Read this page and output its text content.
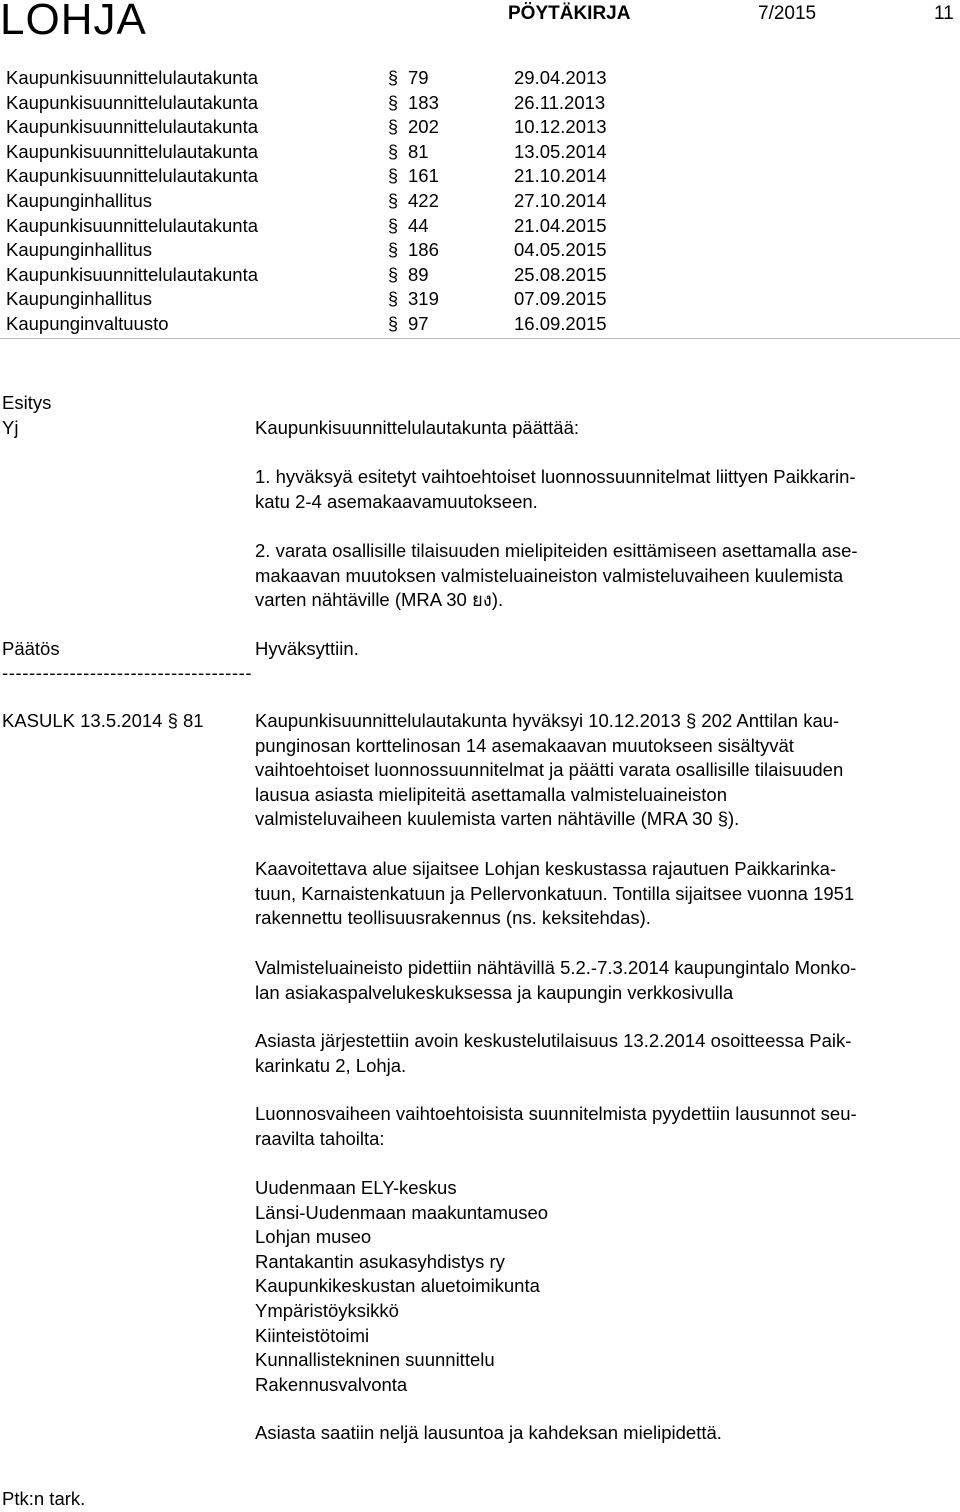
LOHJA	PÖYTÄKIRJA	7/2015	11
Kaupunkisuunnittelulautakunta	§ 79	29.04.2013
Kaupunkisuunnittelulautakunta	§ 183	26.11.2013
Kaupunkisuunnittelulautakunta	§ 202	10.12.2013
Kaupunkisuunnittelulautakunta	§ 81	13.05.2014
Kaupunkisuunnittelulautakunta	§ 161	21.10.2014
Kaupunginhallitus	§ 422	27.10.2014
Kaupunkisuunnittelulautakunta	§ 44	21.04.2015
Kaupunginhallitus	§ 186	04.05.2015
Kaupunkisuunnittelulautakunta	§ 89	25.08.2015
Kaupunginhallitus	§ 319	07.09.2015
Kaupunginvaltuusto	§ 97	16.09.2015
Esitys
Yj	Kaupunkisuunnittelulautakunta päättää:
1. hyväksyä esitetyt vaihtoehtoiset luonnossuunnitelmat liittyen Paikkarin-
katu 2-4 asemakaavamuutokseen.
2. varata osallisille tilaisuuden mielipiteiden esittämiseen asettamalla ase-
makaavan muutoksen valmisteluaineiston valmisteluvaiheen kuulemista
varten nähtäville (MRA 30 ยง).
Päätös	Hyväksyttiin.
-------------------------------------
KASULK 13.5.2014 § 81	Kaupunkisuunnittelulautakunta hyväksyi 10.12.2013 § 202 Anttilan kau-
punginosan korttelinosan 14 asemakaavan muutokseen sisältyvät
vaihtoehtoiset luonnossuunnitelmat ja päätti varata osallisille tilaisuuden
lausua asiasta mielipiteitä asettamalla valmisteluaineiston
valmisteluvaiheen kuulemista varten nähtäville (MRA 30 §).
Kaavoitettava alue sijaitsee Lohjan keskustassa rajautuen Paikkarinka-
tuun, Karnaistenkatuun ja Pellervonkatuun. Tontilla sijaitsee vuonna 1951
rakennettu teollisuusrakennus (ns. keksitehdas).
Valmisteluaineisto pidettiin nähtävillä 5.2.-7.3.2014 kaupungintalo Monko-
lan asiakaspalvelukeskuksessa ja kaupungin verkkosivulla
Asiasta järjestettiin avoin keskustelutilaisuus 13.2.2014 osoitteessa Paik-
karinkatu 2, Lohja.
Luonnosvaiheen vaihtoehtoisista suunnitelmista pyydettiin lausunnot seu-
raavilta tahoilta:
Uudenmaan ELY-keskus
Länsi-Uudenmaan maakuntamuseo
Lohjan museo
Rantakantin asukasyhdistys ry
Kaupunkikeskustan aluetoimikunta
Ympäristöyksikkö
Kiinteistötoimi
Kunnallistekninen suunnittelu
Rakennusvalvonta
Asiasta saatiin neljä lausuntoa ja kahdeksan mielipidettä.
Ptk:n tark.
